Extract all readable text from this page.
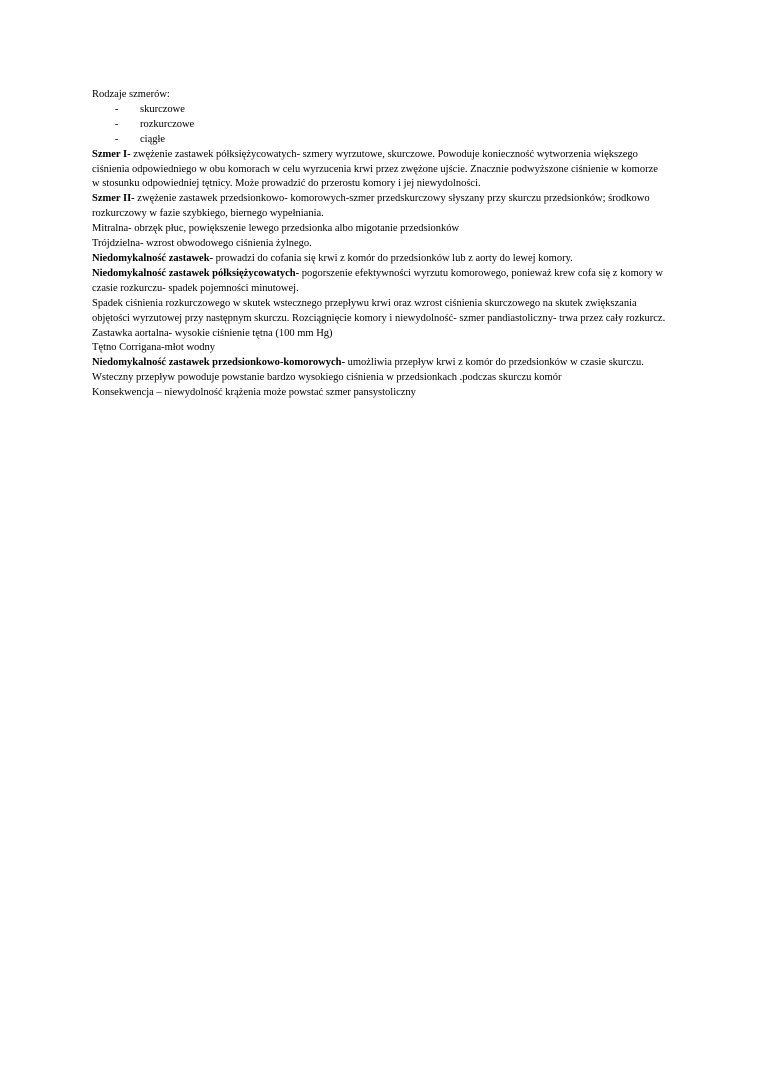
Rodzaje szmerów:
- skurczowe
- rozkurczowe
- ciągłe

Szmer I- zwężenie zastawek półksiężycowatych- szmery wyrzutowe, skurczowe. Powoduje konieczność wytworzenia większego ciśnienia odpowiedniego w obu komorach w celu wyrzucenia krwi przez zwężone ujście. Znacznie podwyższone ciśnienie w komorze w stosunku odpowiedniej tętnicy. Może prowadzić do przerostu komory i jej niewydolności.

Szmer II- zwężenie zastawek przedsionkowo- komorowych-szmer przedskurczowy słyszany przy skurczu przedsionków; środkowo rozkurczowy w fazie szybkiego, biernego wypełniania.

Mitralna- obrzęk płuc, powiększenie lewego przedsionka albo migotanie przedsionków

Trójdzielna- wzrost obwodowego ciśnienia żylnego.

Niedomykalność zastawek- prowadzi do cofania się krwi z komór do przedsionków lub z aorty do lewej komory.

Niedomykalność zastawek półksiężycowatych- pogorszenie efektywności wyrzutu komorowego, ponieważ krew cofa się z komory w czasie rozkurczu- spadek pojemności minutowej.

Spadek ciśnienia rozkurczowego w skutek wstecznego przepływu krwi oraz wzrost ciśnienia skurczowego na skutek zwiększania objętości wyrzutowej przy następnym skurczu. Rozciągnięcie komory i niewydolność- szmer pandiastoliczny- trwa przez cały rozkurcz.

Zastawka aortalna- wysokie ciśnienie tętna (100 mm Hg)

Tętno Corrigana-młot wodny

Niedomykalność zastawek przedsionkowo-komorowych- umożliwia przepływ krwi z komór do przedsionków w czasie skurczu. Wsteczny przepływ powoduje powstanie bardzo wysokiego ciśnienia w przedsionkach .podczas skurczu komór

Konsekwencja – niewydolność krążenia może powstać szmer pansystoliczny
